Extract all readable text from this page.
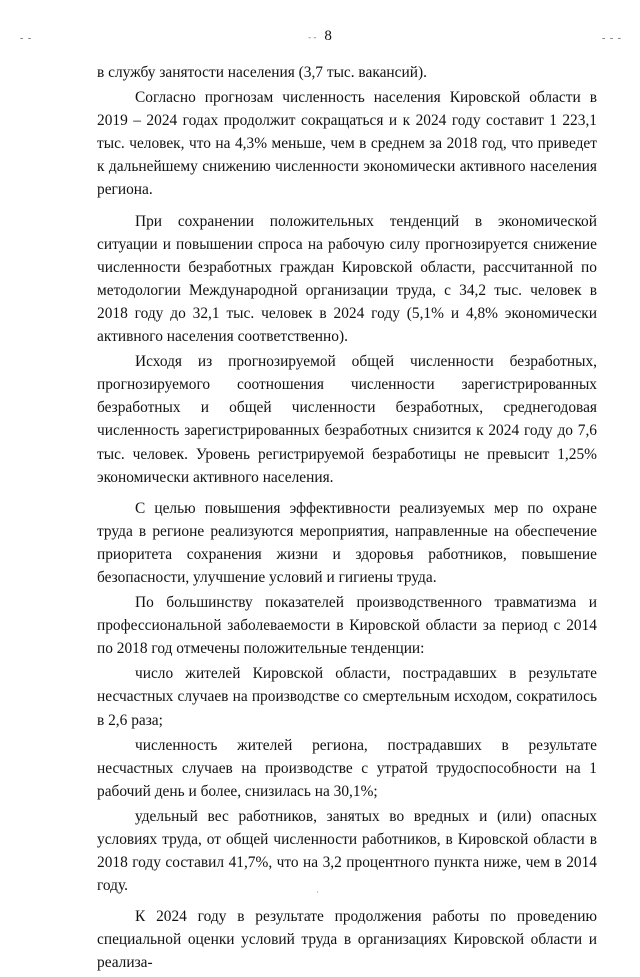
- -	- - -
- - 8

в службу занятости населения (3,7 тыс. вакансий).

Согласно прогнозам численность населения Кировской области в 2019 – 2024 годах продолжит сокращаться и к 2024 году составит 1 223,1 тыс. человек, что на 4,3% меньше, чем в среднем за 2018 год, что приведет к дальнейшему снижению численности экономически активного населения региона.

При сохранении положительных тенденций в экономической ситуации и повышении спроса на рабочую силу прогнозируется снижение численности безработных граждан Кировской области, рассчитанной по методологии Международной организации труда, с 34,2 тыс. человек в 2018 году до 32,1 тыс. человек в 2024 году (5,1% и 4,8% экономически активного населения соответственно).

Исходя из прогнозируемой общей численности безработных, прогнозируемого соотношения численности зарегистрированных безработных и общей численности безработных, среднегодовая численность зарегистрированных безработных снизится к 2024 году до 7,6 тыс. человек. Уровень регистрируемой безработицы не превысит 1,25% экономически активного населения.

С целью повышения эффективности реализуемых мер по охране труда в регионе реализуются мероприятия, направленные на обеспечение приоритета сохранения жизни и здоровья работников, повышение безопасности, улучшение условий и гигиены труда.

По большинству показателей производственного травматизма и профессиональной заболеваемости в Кировской области за период с 2014 по 2018 год отмечены положительные тенденции:

число жителей Кировской области, пострадавших в результате несчастных случаев на производстве со смертельным исходом, сократилось в 2,6 раза;

численность жителей региона, пострадавших в результате несчастных случаев на производстве с утратой трудоспособности на 1 рабочий день и более, снизилась на 30,1%;

удельный вес работников, занятых во вредных и (или) опасных условиях труда, от общей численности работников, в Кировской области в 2018 году составил 41,7%, что на 3,2 процентного пункта ниже, чем в 2014 году.

К 2024 году в результате продолжения работы по проведению специальной оценки условий труда в организациях Кировской области и реализа-

·
